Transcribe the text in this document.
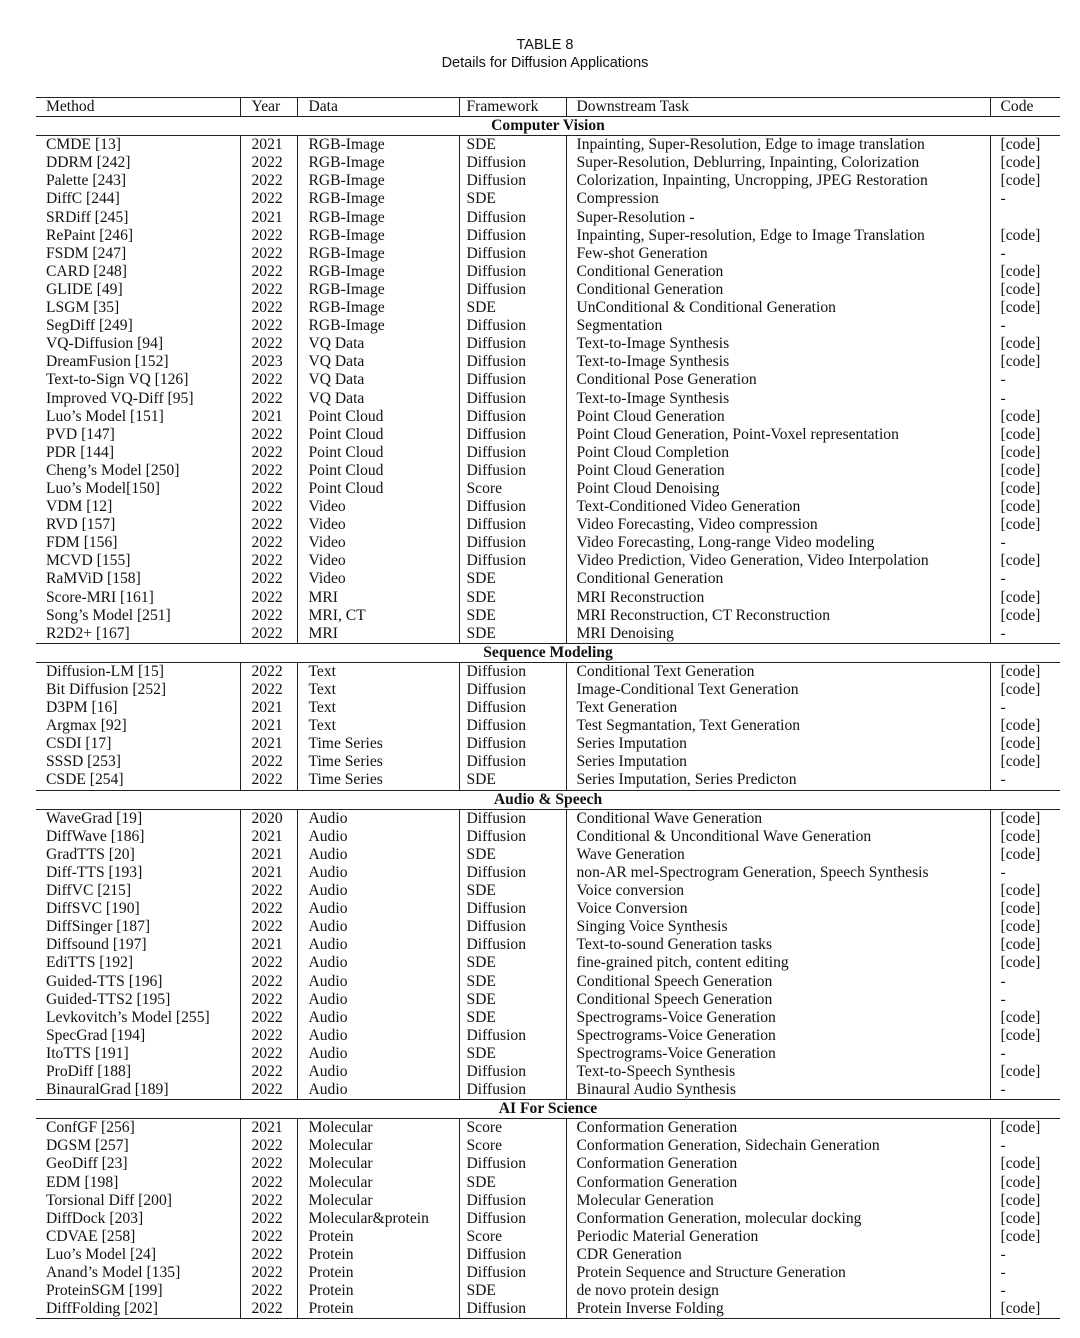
TABLE 8
Details for Diffusion Applications
Method	Year	Data	Framework	Downstream Task	Code
Computer Vision					
CMDE [13]	2021	RGB-Image	SDE	Inpainting, Super-Resolution, Edge to image translation	[code]
DDRM [242]	2022	RGB-Image	Diffusion	Super-Resolution, Deblurring, Inpainting, Colorization	[code]
Palette [243]	2022	RGB-Image	Diffusion	Colorization, Inpainting, Uncropping, JPEG Restoration	[code]
DiffC [244]	2022	RGB-Image	SDE	Compression	-
SRDiff [245]	2021	RGB-Image	Diffusion	Super-Resolution -	
RePaint [246]	2022	RGB-Image	Diffusion	Inpainting, Super-resolution, Edge to Image Translation	[code]
FSDM [247]	2022	RGB-Image	Diffusion	Few-shot Generation	-
CARD [248]	2022	RGB-Image	Diffusion	Conditional Generation	[code]
GLIDE [49]	2022	RGB-Image	Diffusion	Conditional Generation	[code]
LSGM [35]	2022	RGB-Image	SDE	UnConditional & Conditional Generation	[code]
SegDiff [249]	2022	RGB-Image	Diffusion	Segmentation	-
VQ-Diffusion [94]	2022	VQ Data	Diffusion	Text-to-Image Synthesis	[code]
DreamFusion [152]	2023	VQ Data	Diffusion	Text-to-Image Synthesis	[code]
Text-to-Sign VQ [126]	2022	VQ Data	Diffusion	Conditional Pose Generation	-
Improved VQ-Diff [95]	2022	VQ Data	Diffusion	Text-to-Image Synthesis	-
Luo’s Model [151]	2021	Point Cloud	Diffusion	Point Cloud Generation	[code]
PVD [147]	2022	Point Cloud	Diffusion	Point Cloud Generation, Point-Voxel representation	[code]
PDR [144]	2022	Point Cloud	Diffusion	Point Cloud Completion	[code]
Cheng’s Model [250]	2022	Point Cloud	Diffusion	Point Cloud Generation	[code]
Luo’s Model[150]	2022	Point Cloud	Score	Point Cloud Denoising	[code]
VDM [12]	2022	Video	Diffusion	Text-Conditioned Video Generation	[code]
RVD [157]	2022	Video	Diffusion	Video Forecasting, Video compression	[code]
FDM [156]	2022	Video	Diffusion	Video Forecasting, Long-range Video modeling	-
MCVD [155]	2022	Video	Diffusion	Video Prediction, Video Generation, Video Interpolation	[code]
RaMViD [158]	2022	Video	SDE	Conditional Generation	-
Score-MRI [161]	2022	MRI	SDE	MRI Reconstruction	[code]
Song’s Model [251]	2022	MRI, CT	SDE	MRI Reconstruction, CT Reconstruction	[code]
R2D2+ [167]	2022	MRI	SDE	MRI Denoising	-
Sequence Modeling					
Diffusion-LM [15]	2022	Text	Diffusion	Conditional Text Generation	[code]
Bit Diffusion [252]	2022	Text	Diffusion	Image-Conditional Text Generation	[code]
D3PM [16]	2021	Text	Diffusion	Text Generation	-
Argmax [92]	2021	Text	Diffusion	Test Segmantation, Text Generation	[code]
CSDI [17]	2021	Time Series	Diffusion	Series Imputation	[code]
SSSD [253]	2022	Time Series	Diffusion	Series Imputation	[code]
CSDE [254]	2022	Time Series	SDE	Series Imputation, Series Predicton	-
Audio & Speech					
WaveGrad [19]	2020	Audio	Diffusion	Conditional Wave Generation	[code]
DiffWave [186]	2021	Audio	Diffusion	Conditional & Unconditional Wave Generation	[code]
GradTTS [20]	2021	Audio	SDE	Wave Generation	[code]
Diff-TTS [193]	2021	Audio	Diffusion	non-AR mel-Spectrogram Generation, Speech Synthesis	-
DiffVC [215]	2022	Audio	SDE	Voice conversion	[code]
DiffSVC [190]	2022	Audio	Diffusion	Voice Conversion	[code]
DiffSinger [187]	2022	Audio	Diffusion	Singing Voice Synthesis	[code]
Diffsound [197]	2021	Audio	Diffusion	Text-to-sound Generation tasks	[code]
EdiTTS [192]	2022	Audio	SDE	fine-grained pitch, content editing	[code]
Guided-TTS [196]	2022	Audio	SDE	Conditional Speech Generation	-
Guided-TTS2 [195]	2022	Audio	SDE	Conditional Speech Generation	-
Levkovitch’s Model [255]	2022	Audio	SDE	Spectrograms-Voice Generation	[code]
SpecGrad [194]	2022	Audio	Diffusion	Spectrograms-Voice Generation	[code]
ItoTTS [191]	2022	Audio	SDE	Spectrograms-Voice Generation	-
ProDiff [188]	2022	Audio	Diffusion	Text-to-Speech Synthesis	[code]
BinauralGrad [189]	2022	Audio	Diffusion	Binaural Audio Synthesis	-
AI For Science					
ConfGF [256]	2021	Molecular	Score	Conformation Generation	[code]
DGSM [257]	2022	Molecular	Score	Conformation Generation, Sidechain Generation	-
GeoDiff [23]	2022	Molecular	Diffusion	Conformation Generation	[code]
EDM [198]	2022	Molecular	SDE	Conformation Generation	[code]
Torsional Diff [200]	2022	Molecular	Diffusion	Molecular Generation	[code]
DiffDock [203]	2022	Molecular&protein	Diffusion	Conformation Generation, molecular docking	[code]
CDVAE [258]	2022	Protein	Score	Periodic Material Generation	[code]
Luo’s Model [24]	2022	Protein	Diffusion	CDR Generation	-
Anand’s Model [135]	2022	Protein	Diffusion	Protein Sequence and Structure Generation	-
ProteinSGM [199]	2022	Protein	SDE	de novo protein design	-
DiffFolding [202]	2022	Protein	Diffusion	Protein Inverse Folding	[code]
